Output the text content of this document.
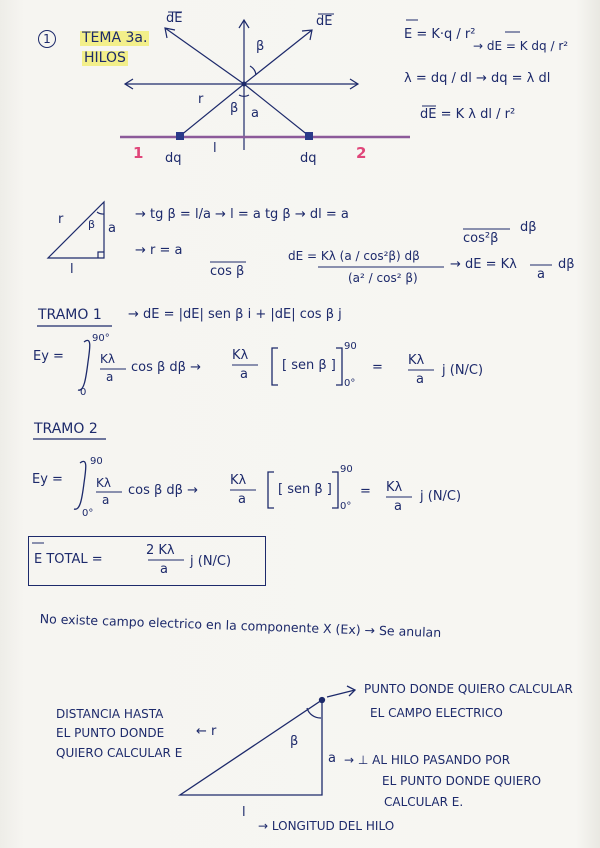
1	TEMA 3a.
HILOS
dE	dE
β
r
β a
l
dq	dq
1	2
E = K·q / r²
→ dE = K dq / r²
λ = dq / dl → dq = λ dl
dE = K λ dl / r²
r β a
l
→ tg β = l/a → l = a tg β → dl = a
cos²β
dβ
→ r = a
cos β
dE = Kλ (a / cos²β) dβ
(a² / cos² β)
→ dE = Kλ
a
dβ
TRAMO 1 → dE = |dE| sen β i + |dE| cos β j
Ey =
90°
0
Kλ
a
cos β dβ →
Kλ
a
[ sen β ]
90
0°
= Kλ
a
j (N/C)
TRAMO 2
Ey =
90
0°
Kλ
a
cos β dβ →
Kλ
a
[ sen β ]
90
0°
= Kλ
a
j (N/C)
E TOTAL =
2 Kλ
a
j (N/C)
No existe campo electrico en la componente X (Ex) → Se anulan
PUNTO DONDE QUIERO CALCULAR
EL CAMPO ELECTRICO
DISTANCIA HASTA
EL PUNTO DONDE
QUIERO CALCULAR E
← r
β
a → ⊥ AL HILO PASANDO POR
EL PUNTO DONDE QUIERO
CALCULAR E.
l
→ LONGITUD DEL HILO
